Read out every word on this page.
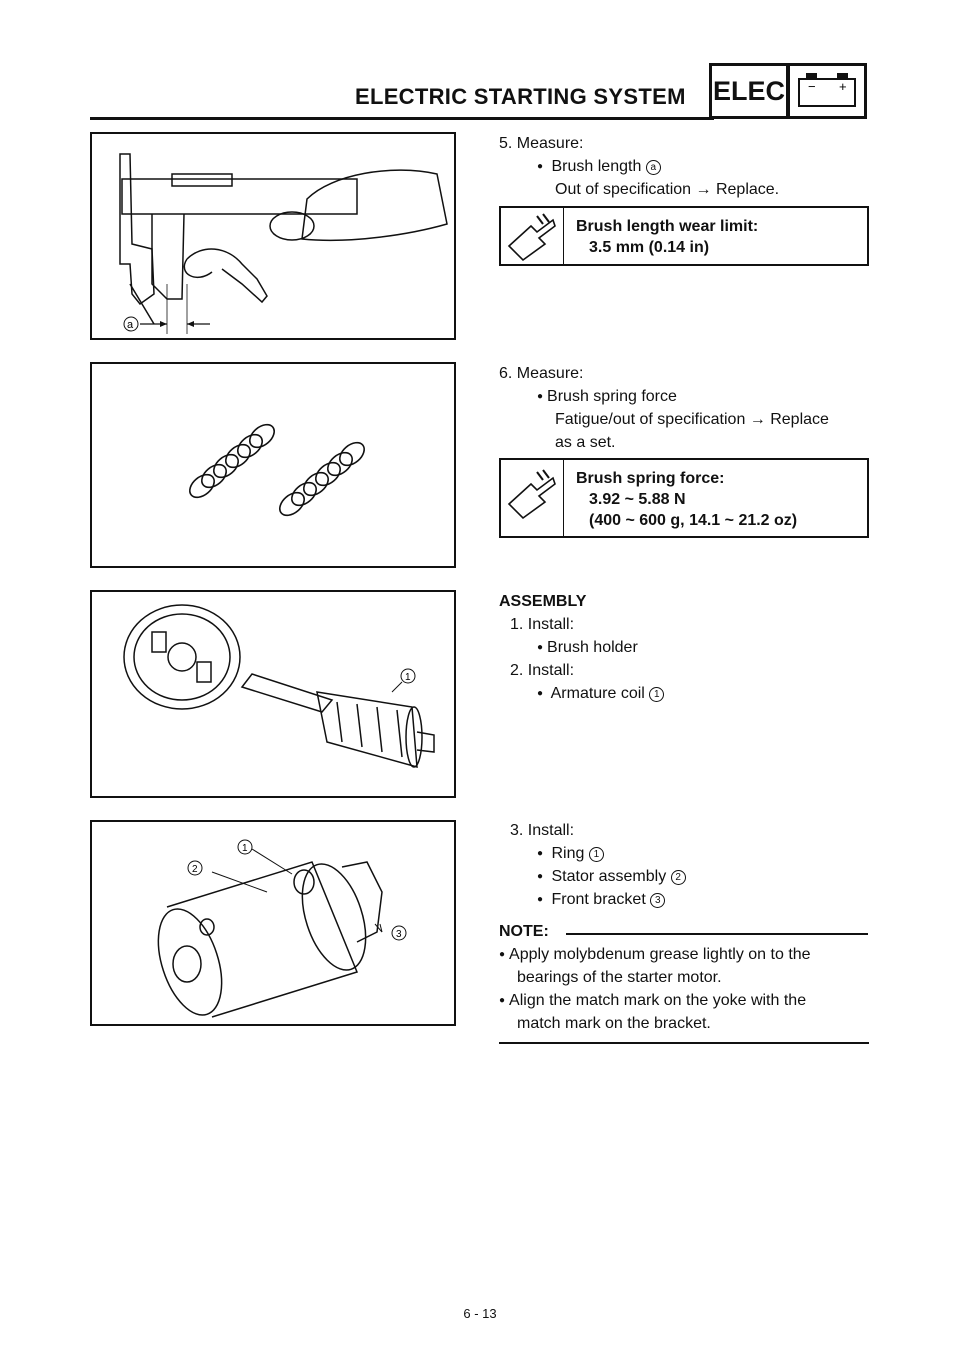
ELECTRIC STARTING SYSTEM ELEC	− +
a
5. Measure:
● Brush length a
Out of specification → Replace.
Brush length wear limit:
3.5 mm (0.14 in)
6. Measure:
● Brush spring force
Fatigue/out of specification → Replace
as a set.
Brush spring force:
3.92 ~ 5.88 N
(400 ~ 600 g, 14.1 ~ 21.2 oz)
1
ASSEMBLY
1. Install:
● Brush holder
2. Install:
● Armature coil 1
1
2
3
3. Install:
● Ring 1
● Stator assembly 2
● Front bracket 3
NOTE:
● Apply molybdenum grease lightly on to the
bearings of the starter motor.
● Align the match mark on the yoke with the
match mark on the bracket.
6 - 13
